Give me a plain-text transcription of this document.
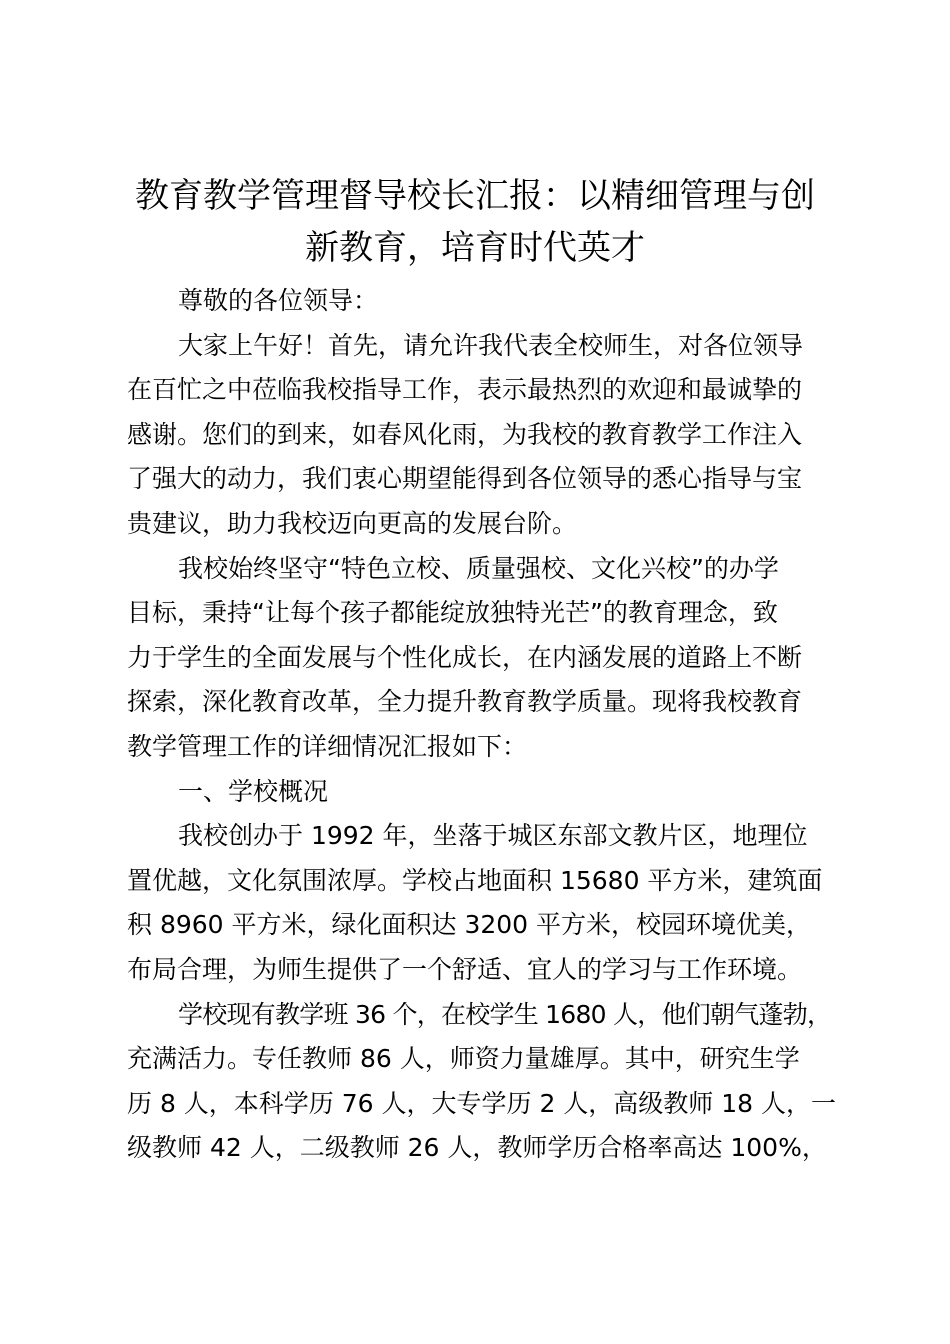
教育教学管理督导校长汇报：以精细管理与创
新教育，培育时代英才
尊敬的各位领导：
大家上午好！首先，请允许我代表全校师生，对各位领导
在百忙之中莅临我校指导工作，表示最热烈的欢迎和最诚挚的
感谢。您们的到来，如春风化雨，为我校的教育教学工作注入
了强大的动力，我们衷心期望能得到各位领导的悉心指导与宝
贵建议，助力我校迈向更高的发展台阶。
我校始终坚守“特色立校、质量强校、文化兴校”的办学
目标，秉持“让每个孩子都能绽放独特光芒”的教育理念，致
力于学生的全面发展与个性化成长，在内涵发展的道路上不断
探索，深化教育改革，全力提升教育教学质量。现将我校教育
教学管理工作的详细情况汇报如下：
一、学校概况
我校创办于 1992 年，坐落于城区东部文教片区，地理位
置优越，文化氛围浓厚。学校占地面积 15680 平方米，建筑面
积 8960 平方米，绿化面积达 3200 平方米，校园环境优美，
布局合理，为师生提供了一个舒适、宜人的学习与工作环境。
学校现有教学班 36 个，在校学生 1680 人，他们朝气蓬勃，
充满活力。专任教师 86 人，师资力量雄厚。其中，研究生学
历 8 人，本科学历 76 人，大专学历 2 人，高级教师 18 人，一
级教师 42 人，二级教师 26 人，教师学历合格率高达 100%，
